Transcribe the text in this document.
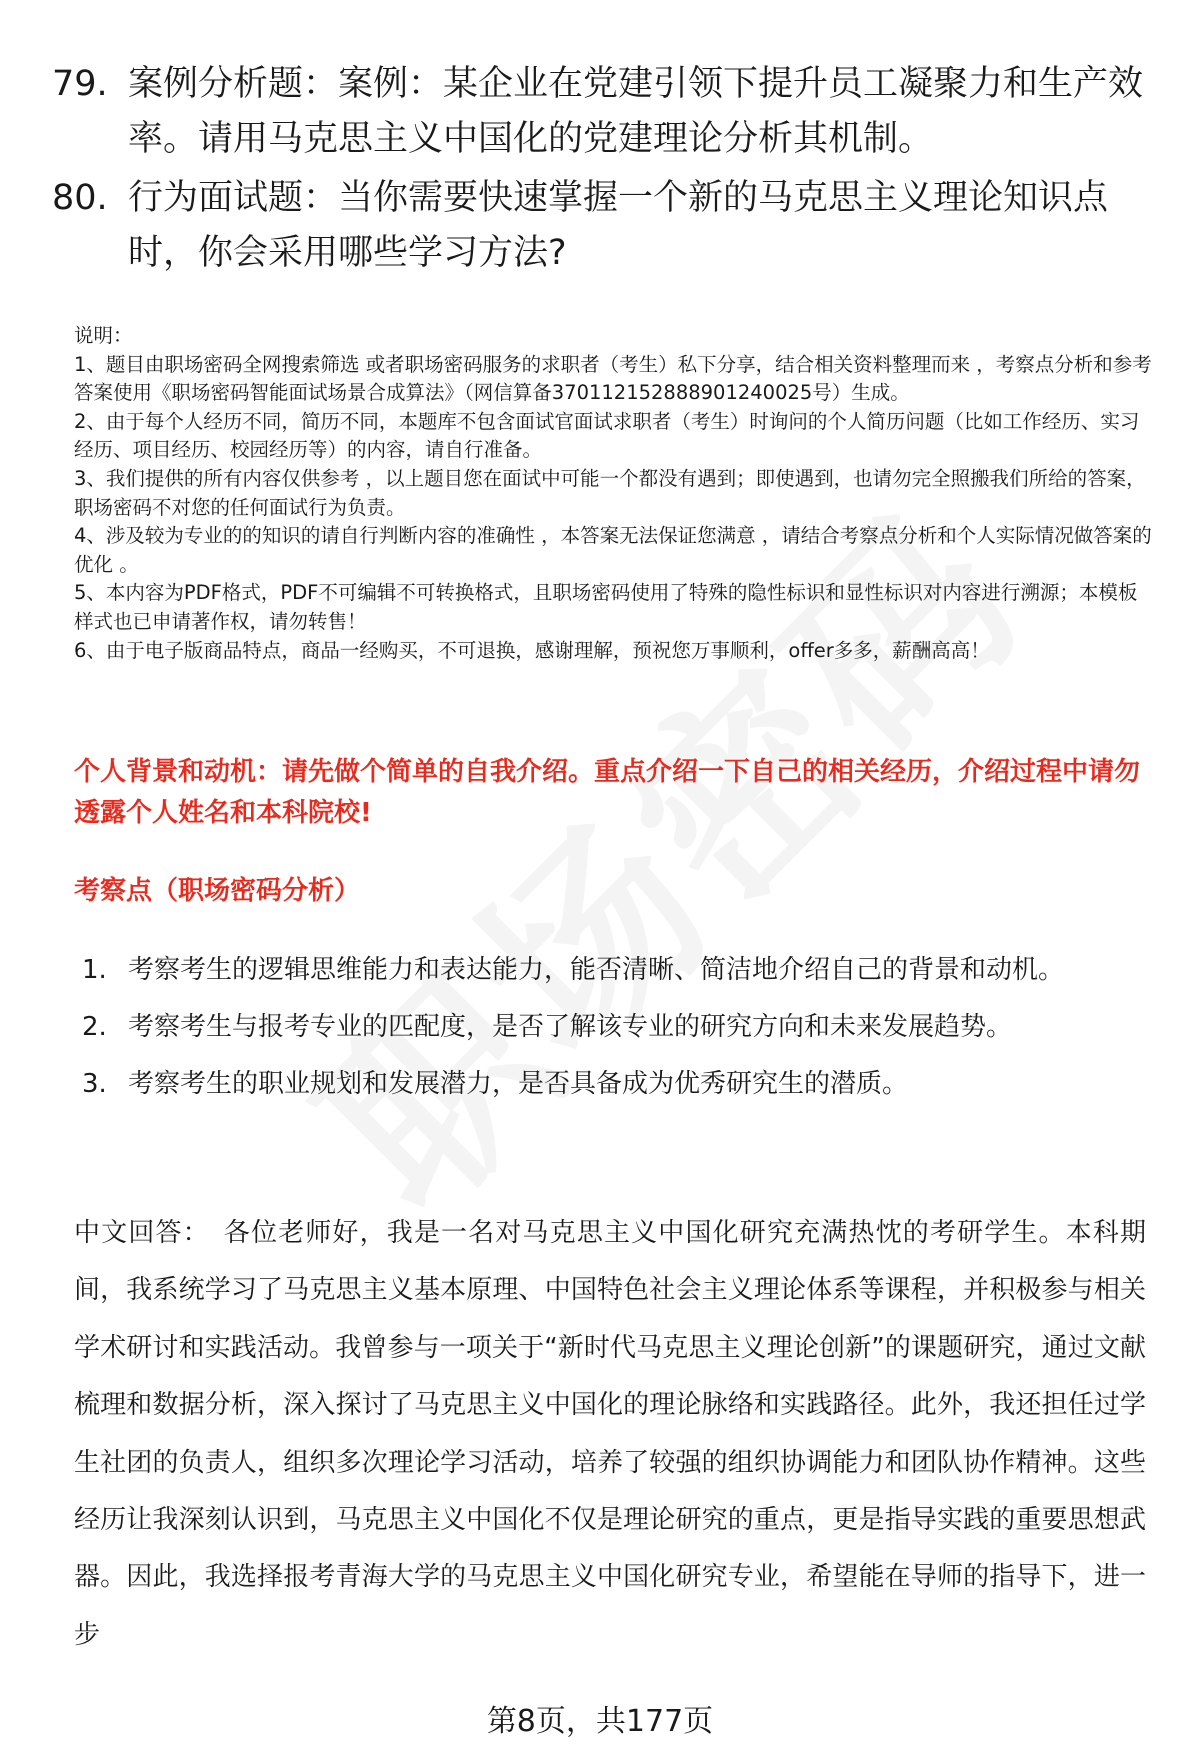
79. 案例分析题：案例：某企业在党建引领下提升员工凝聚力和生产效率。请用马克思主义中国化的党建理论分析其机制。
80. 行为面试题：当你需要快速掌握一个新的马克思主义理论知识点时，你会采用哪些学习方法?

说明：

1、题目由职场密码全网搜索筛选 或者职场密码服务的求职者（考生）私下分享，结合相关资料整理而来 ，考察点分析和参考答案使用《职场密码智能面试场景合成算法》（网信算备370112152888901240025号）生成。

2、由于每个人经历不同，简历不同，本题库不包含面试官面试求职者（考生）时询问的个人简历问题（比如工作经历、实习经历、项目经历、校园经历等）的内容，请自行准备。

3、我们提供的所有内容仅供参考 ，以上题目您在面试中可能一个都没有遇到；即使遇到，也请勿完全照搬我们所给的答案，职场密码不对您的任何面试行为负责。

4、涉及较为专业的的知识的请自行判断内容的准确性 ，本答案无法保证您满意 ，请结合考察点分析和个人实际情况做答案的优化 。

5、本内容为PDF格式，PDF不可编辑不可转换格式，且职场密码使用了特殊的隐性标识和显性标识对内容进行溯源；本模板样式也已申请著作权，请勿转售！

6、由于电子版商品特点，商品一经购买，不可退换，感谢理解，预祝您万事顺利，offer多多，薪酬高高！

个人背景和动机：请先做个简单的自我介绍。重点介绍一下自己的相关经历，介绍过程中请勿透露个人姓名和本科院校!
考察点（职场密码分析）
1. 考察考生的逻辑思维能力和表达能力，能否清晰、简洁地介绍自己的背景和动机。
2. 考察考生与报考专业的匹配度，是否了解该专业的研究方向和未来发展趋势。
3. 考察考生的职业规划和发展潜力，是否具备成为优秀研究生的潜质。
中文回答： 各位老师好，我是一名对马克思主义中国化研究充满热忱的考研学生。本科期间，我系统学习了马克思主义基本原理、中国特色社会主义理论体系等课程，并积极参与相关学术研讨和实践活动。我曾参与一项关于“新时代马克思主义理论创新”的课题研究，通过文献梳理和数据分析，深入探讨了马克思主义中国化的理论脉络和实践路径。此外，我还担任过学生社团的负责人，组织多次理论学习活动，培养了较强的组织协调能力和团队协作精神。这些经历让我深刻认识到，马克思主义中国化不仅是理论研究的重点，更是指导实践的重要思想武器。因此，我选择报考青海大学的马克思主义中国化研究专业，希望能在导师的指导下，进一步
第8页，共177页
